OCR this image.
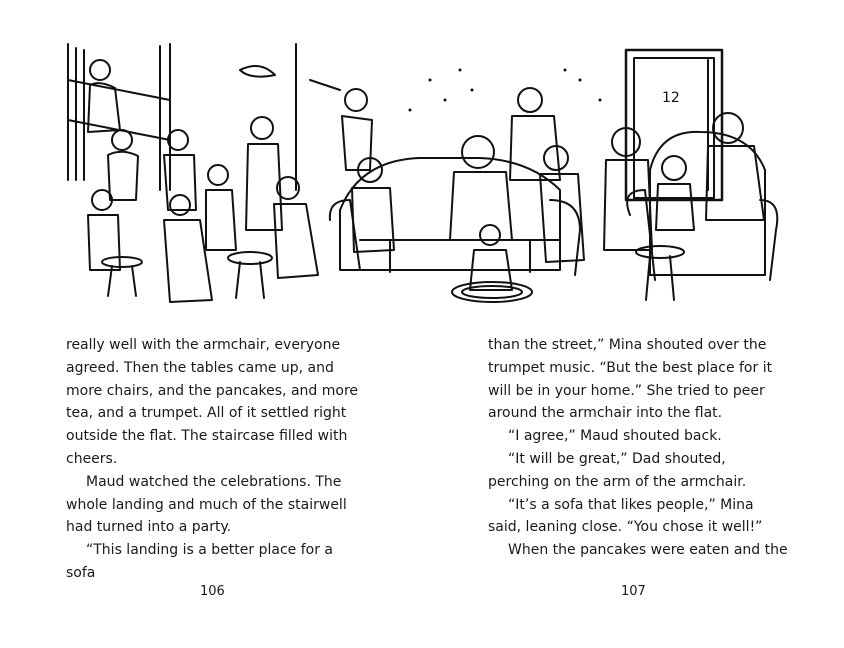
12

really well with the armchair, everyone agreed. Then the tables came up, and more chairs, and the pancakes, and more tea, and a trumpet. All of it settled right outside the flat. The staircase filled with cheers.

Maud watched the celebrations. The whole landing and much of the stairwell had turned into a party.

“This landing is a better place for a sofa

than the street,” Mina shouted over the trumpet music. “But the best place for it will be in your home.” She tried to peer around the armchair into the flat.

“I agree,” Maud shouted back.

“It will be great,” Dad shouted, perching on the arm of the armchair.

“It’s a sofa that likes people,” Mina said, leaning close. “You chose it well!”

When the pancakes were eaten and the

106	107
